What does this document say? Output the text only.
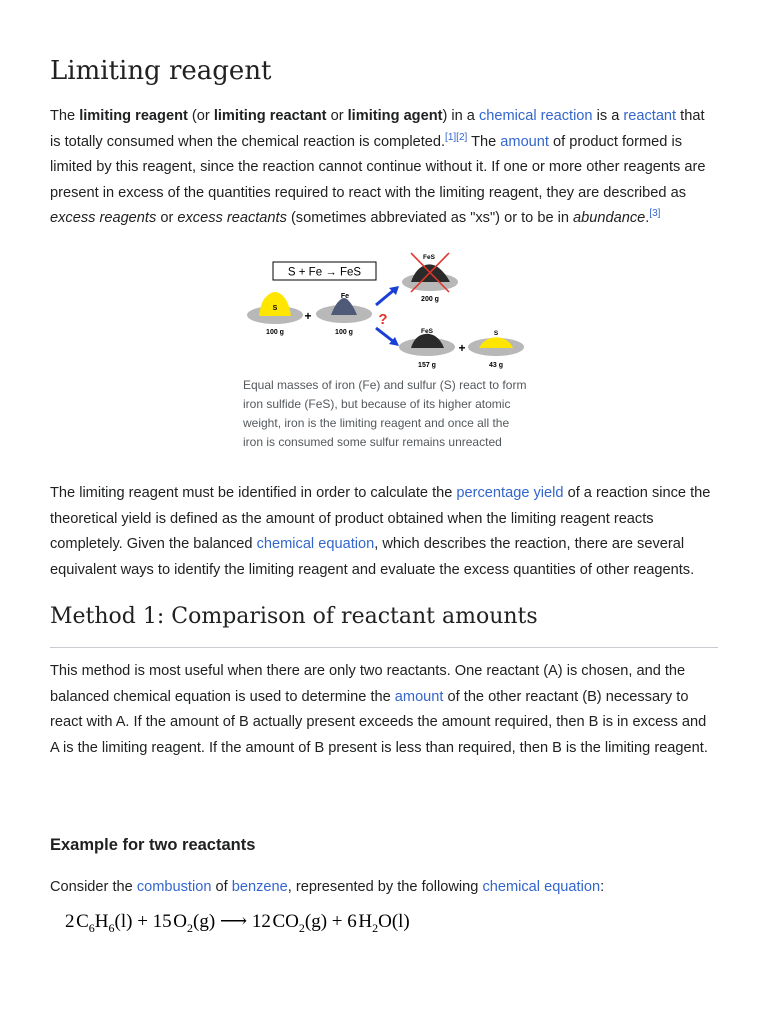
Limiting reagent

The limiting reagent (or limiting reactant or limiting agent) in a chemical reaction is a reactant that is totally consumed when the chemical reaction is completed.[1][2] The amount of product formed is limited by this reagent, since the reaction cannot continue without it. If one or more other reagents are present in excess of the quantities required to react with the limiting reagent, they are described as excess reagents or excess reactants (sometimes abbreviated as "xs") or to be in abundance.[3]

S + Fe → FeS
S
100 g
+
Fe
100 g
?
FeS
200 g
FeS
157 g
+
S
43 g
Equal masses of iron (Fe) and sulfur (S) react to form iron sulfide (FeS), but because of its higher atomic weight, iron is the limiting reagent and once all the iron is consumed some sulfur remains unreacted

The limiting reagent must be identified in order to calculate the percentage yield of a reaction since the theoretical yield is defined as the amount of product obtained when the limiting reagent reacts completely. Given the balanced chemical equation, which describes the reaction, there are several equivalent ways to identify the limiting reagent and evaluate the excess quantities of other reagents.

Method 1: Comparison of reactant amounts

This method is most useful when there are only two reactants. One reactant (A) is chosen, and the balanced chemical equation is used to determine the amount of the other reactant (B) necessary to react with A. If the amount of B actually present exceeds the amount required, then B is in excess and A is the limiting reagent. If the amount of B present is less than required, then B is the limiting reagent.

Example for two reactants

Consider the combustion of benzene, represented by the following chemical equation:

2 $C_6H_6(l) + 15$ $O_2(g)$ ⟶ 12 $CO_2(g) + 6$ $H_2O(l)$
